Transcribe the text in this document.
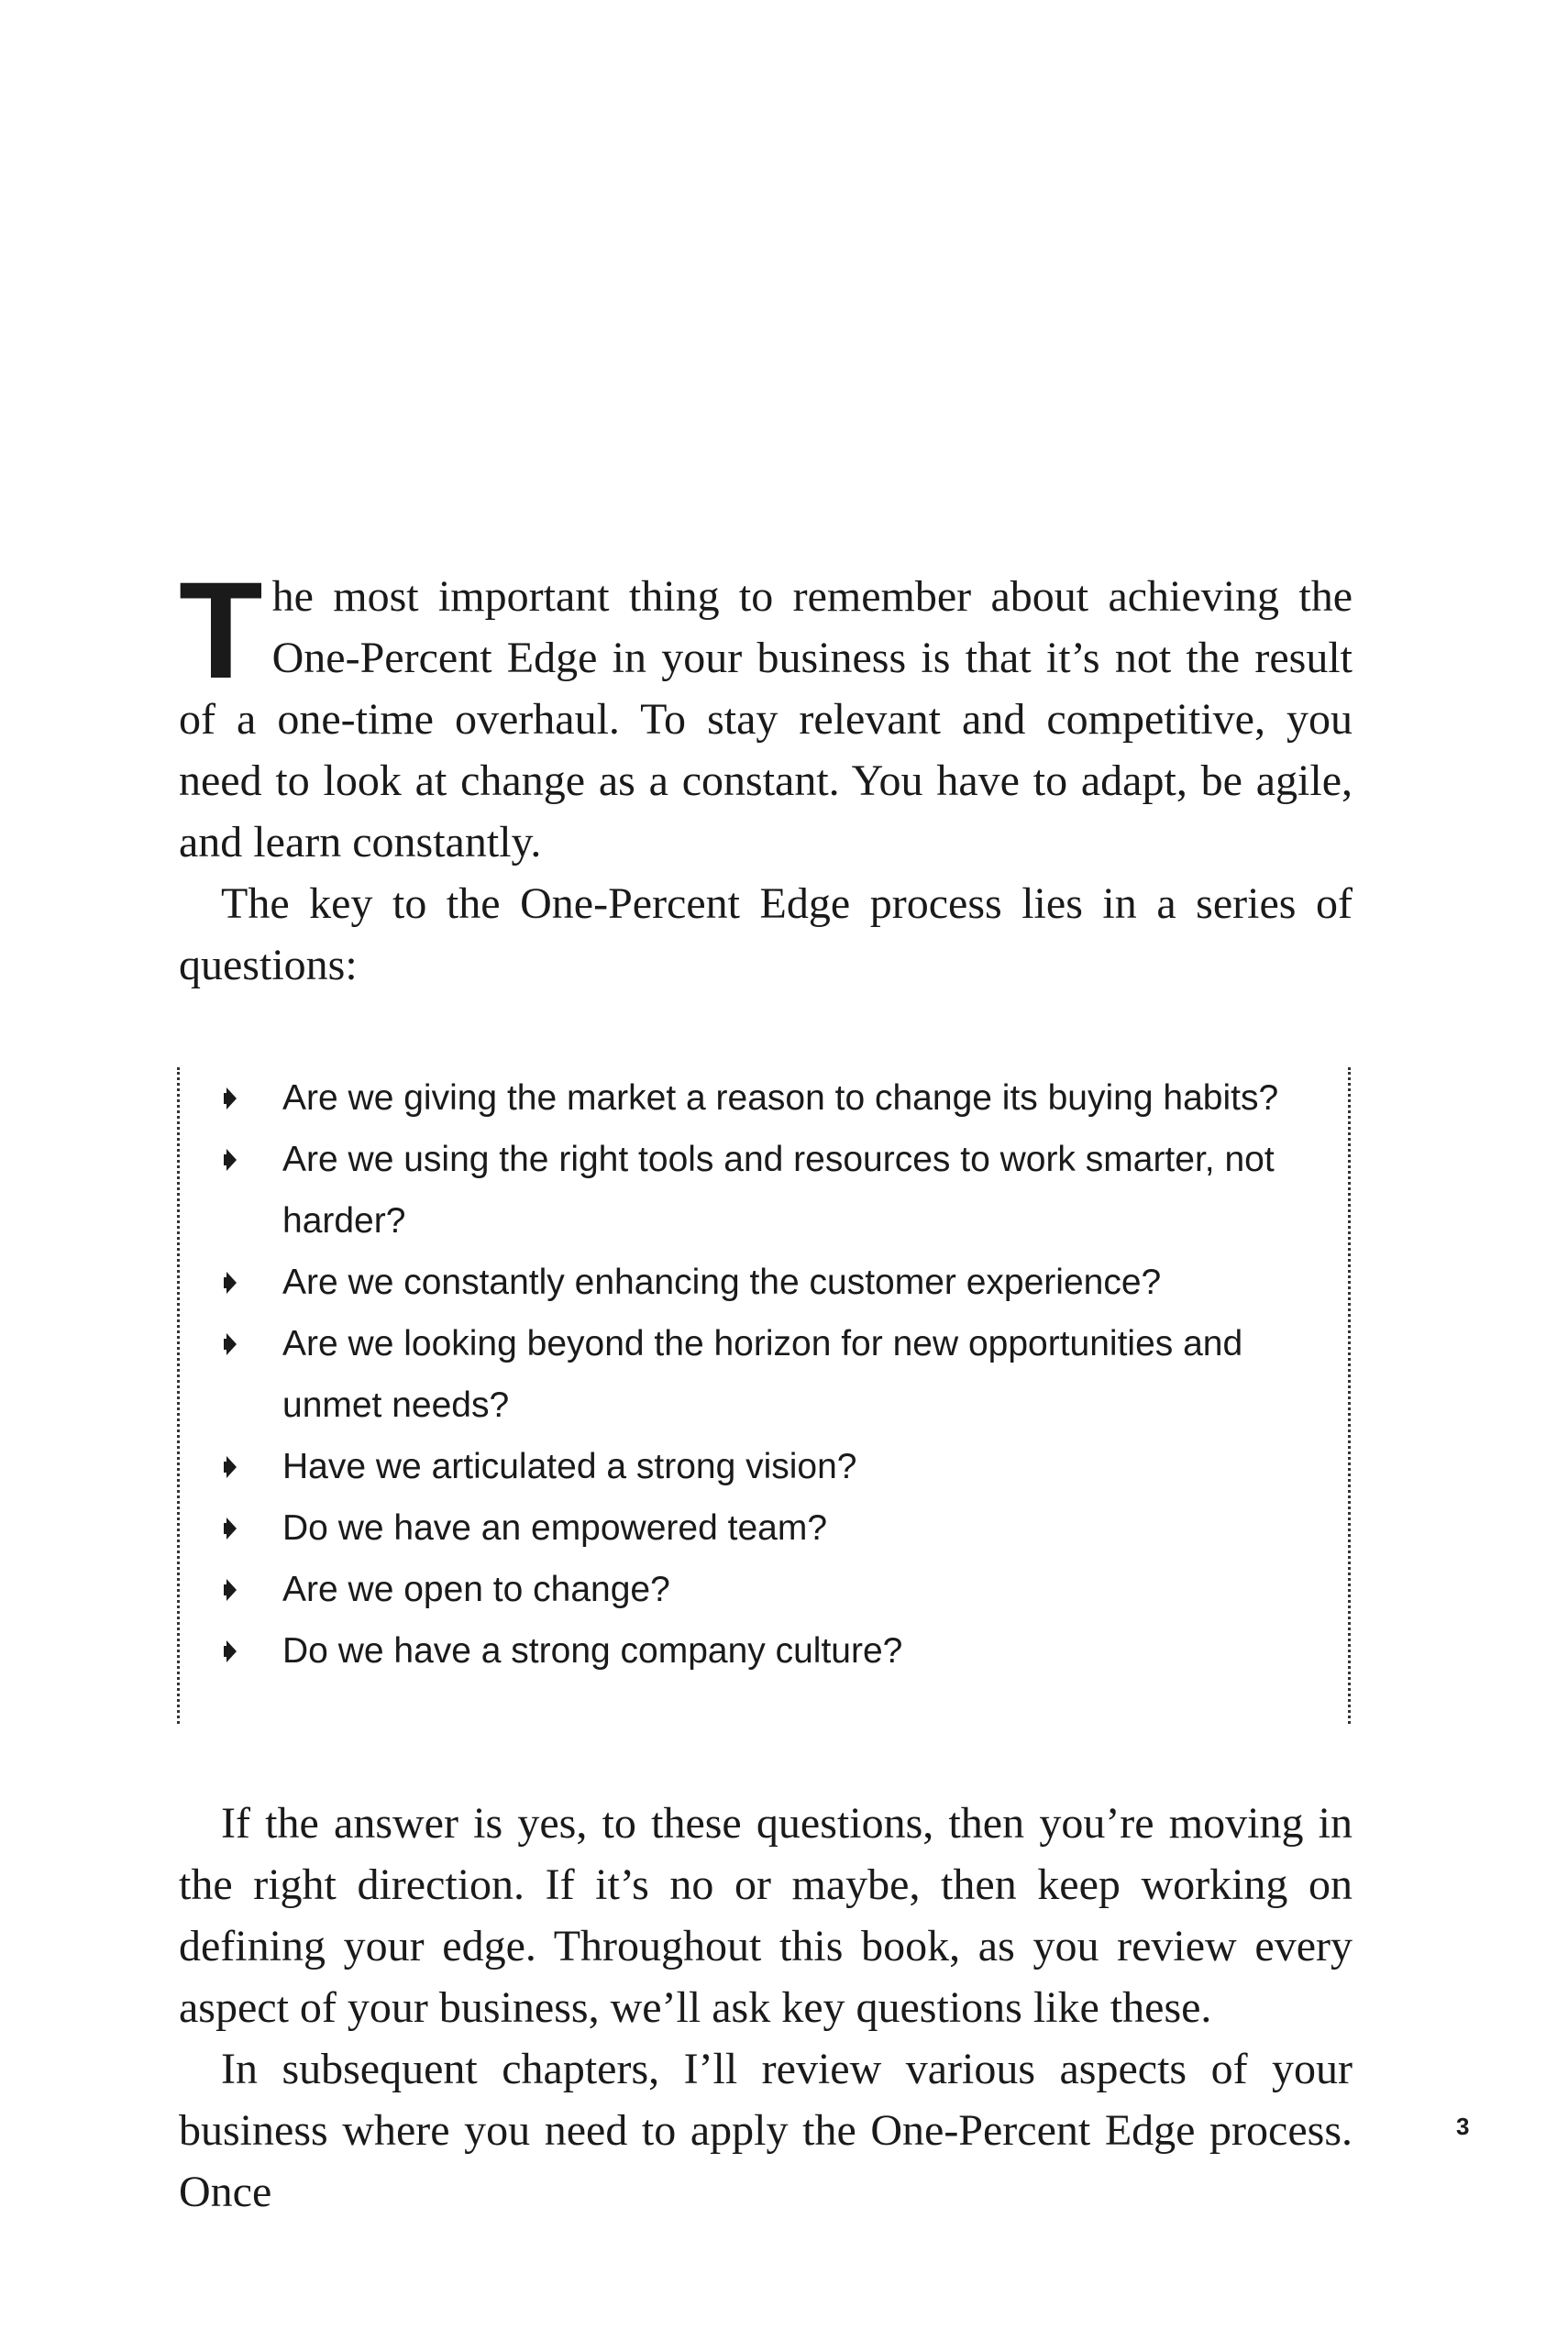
The most important thing to remember about achieving the One-Percent Edge in your business is that it’s not the result of a one-time overhaul. To stay relevant and competitive, you need to look at change as a constant. You have to adapt, be agile, and learn constantly.

The key to the One-Percent Edge process lies in a series of questions:

Are we giving the market a reason to change its buying habits?
Are we using the right tools and resources to work smarter, not harder?
Are we constantly enhancing the customer experience?
Are we looking beyond the horizon for new opportunities and unmet needs?
Have we articulated a strong vision?
Do we have an empowered team?
Are we open to change?
Do we have a strong company culture?

If the answer is yes, to these questions, then you’re moving in the right direction. If it’s no or maybe, then keep working on defining your edge. Throughout this book, as you review every aspect of your business, we’ll ask key questions like these.

In subsequent chapters, I’ll review various aspects of your business where you need to apply the One-Percent Edge process. Once

3
